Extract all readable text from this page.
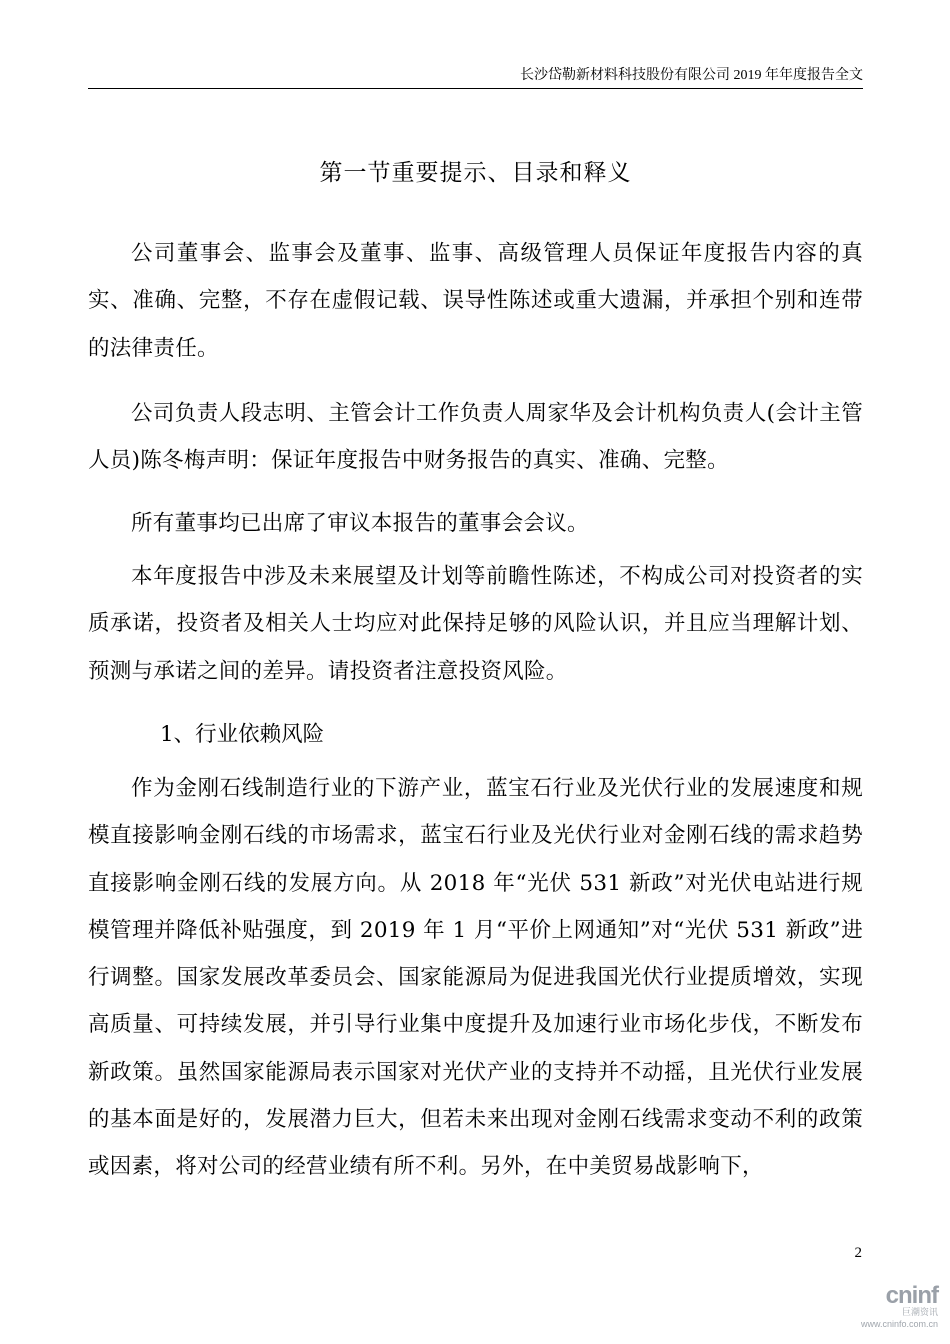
长沙岱勒新材料科技股份有限公司 2019 年年度报告全文
第一节重要提示、目录和释义

公司董事会、监事会及董事、监事、高级管理人员保证年度报告内容的真实、准确、完整，不存在虚假记载、误导性陈述或重大遗漏，并承担个别和连带的法律责任。

公司负责人段志明、主管会计工作负责人周家华及会计机构负责人(会计主管人员)陈冬梅声明：保证年度报告中财务报告的真实、准确、完整。

所有董事均已出席了审议本报告的董事会会议。

本年度报告中涉及未来展望及计划等前瞻性陈述，不构成公司对投资者的实质承诺，投资者及相关人士均应对此保持足够的风险认识，并且应当理解计划、预测与承诺之间的差异。请投资者注意投资风险。

1、行业依赖风险

作为金刚石线制造行业的下游产业，蓝宝石行业及光伏行业的发展速度和规模直接影响金刚石线的市场需求，蓝宝石行业及光伏行业对金刚石线的需求趋势直接影响金刚石线的发展方向。从 2018 年“光伏 531 新政”对光伏电站进行规模管理并降低补贴强度，到 2019 年 1 月“平价上网通知”对“光伏 531 新政”进行调整。国家发展改革委员会、国家能源局为促进我国光伏行业提质增效，实现高质量、可持续发展，并引导行业集中度提升及加速行业市场化步伐，不断发布新政策。虽然国家能源局表示国家对光伏产业的支持并不动摇，且光伏行业发展的基本面是好的，发展潜力巨大，但若未来出现对金刚石线需求变动不利的政策或因素，将对公司的经营业绩有所不利。另外，在中美贸易战影响下，

2
cninf
巨潮资讯
www.cninfo.com.cn
